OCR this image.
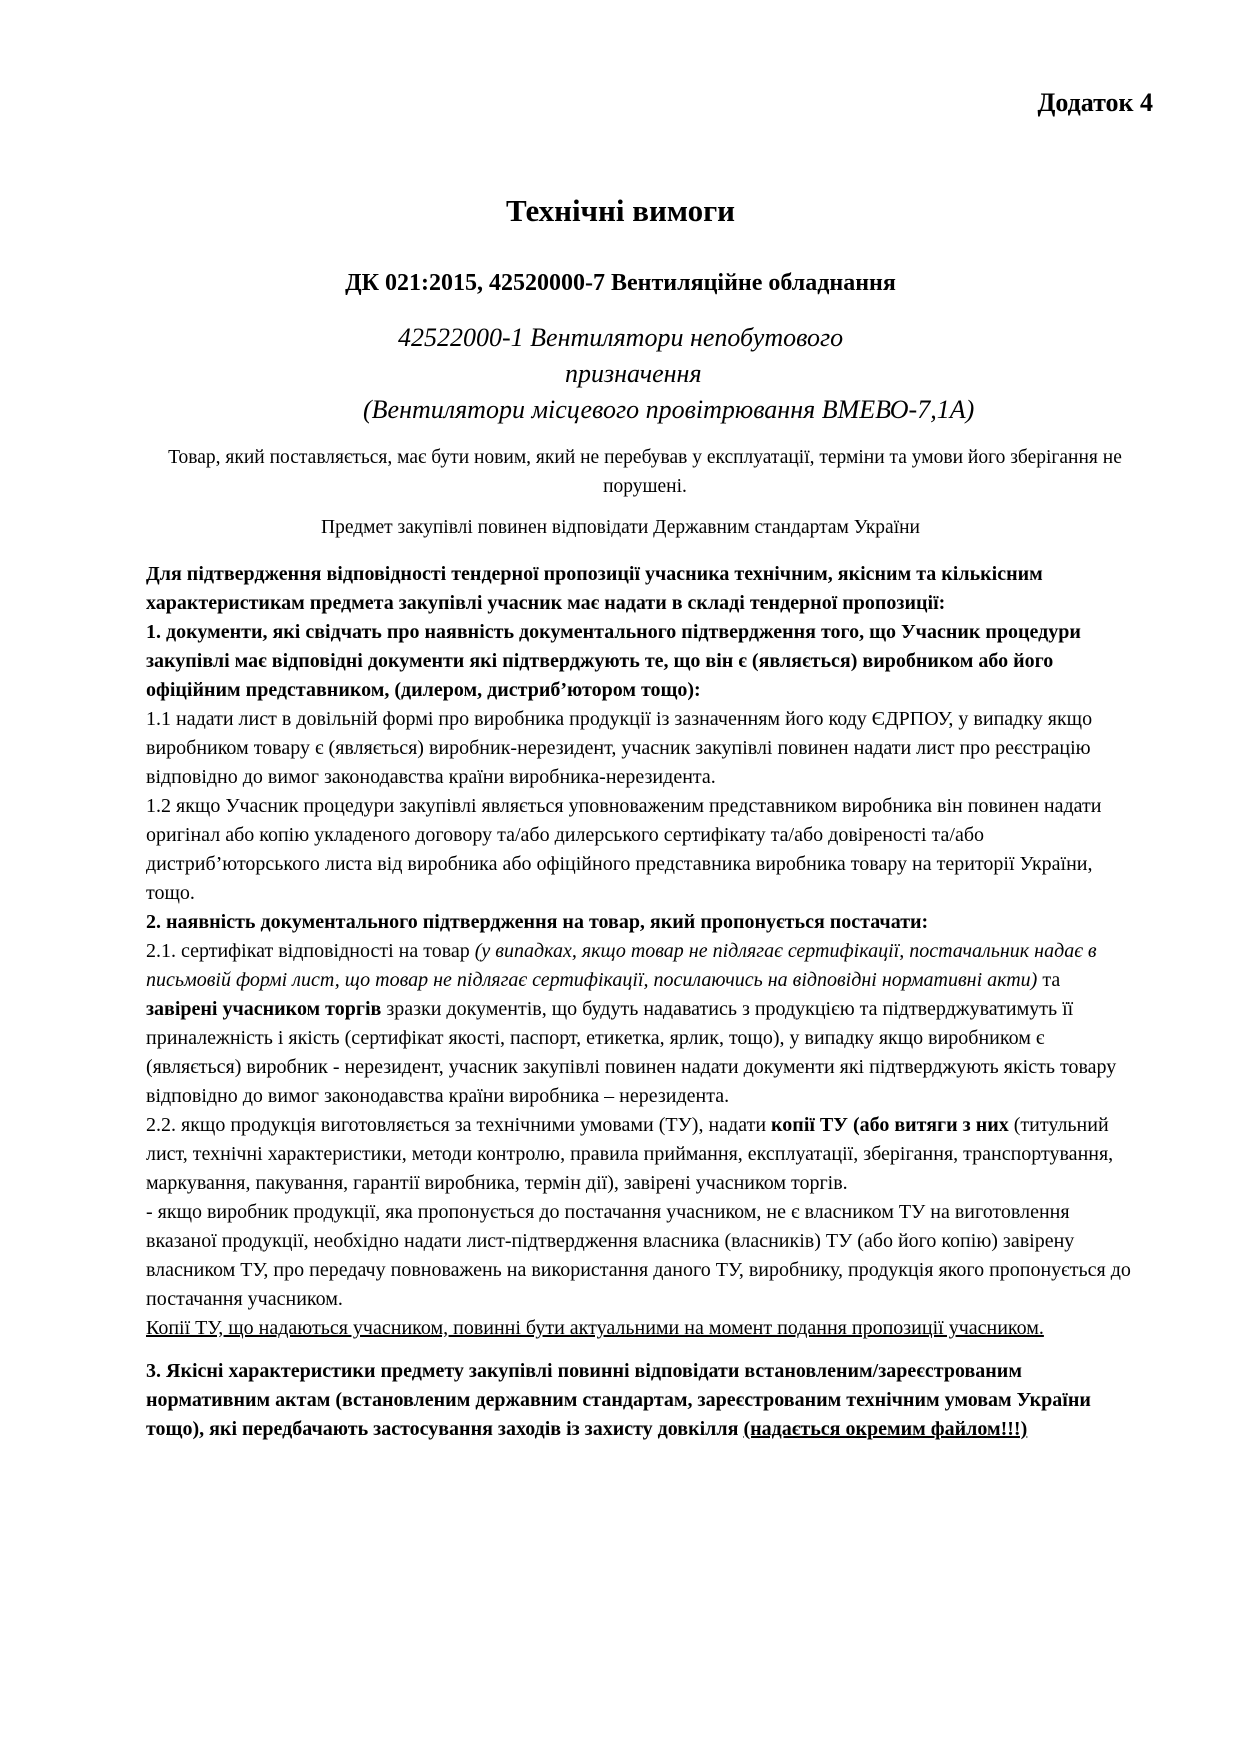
Додаток 4
Технічні вимоги
ДК 021:2015, 42520000-7 Вентиляційне обладнання
42522000-1 Вентилятори непобутового
призначення
(Вентилятори місцевого провітрювання ВМЕВО-7,1А)
Товар, який поставляється, має бути новим, який не перебував у експлуатації, терміни та умови його зберігання не порушені.
Предмет закупівлі повинен відповідати Державним стандартам України

Для підтвердження відповідності тендерної пропозиції учасника технічним, якісним та кількісним характеристикам предмета закупівлі учасник має надати в складі тендерної пропозиції:

1. документи, які свідчать про наявність документального підтвердження того, що Учасник процедури закупівлі має відповідні документи які підтверджують те, що він є (являється) виробником або його офіційним представником, (дилером, дистриб’ютором тощо):

1.1 надати лист в довільній формі про виробника продукції із зазначенням його коду ЄДРПОУ, у випадку якщо виробником товару є (являється) виробник-нерезидент, учасник закупівлі повинен надати лист про реєстрацію відповідно до вимог законодавства країни виробника-нерезидента.

1.2 якщо Учасник процедури закупівлі являється уповноваженим представником виробника він повинен надати оригінал або копію укладеного договору та/або дилерського сертифікату та/або довіреності та/або дистриб’юторського листа від виробника або офіційного представника виробника товару на території України, тощо.

2. наявність документального підтвердження на товар, який пропонується постачати:

2.1. сертифікат відповідності на товар (у випадках, якщо товар не підлягає сертифікації, постачальник надає в письмовій формі лист, що товар не підлягає сертифікації, посилаючись на відповідні нормативні акти) та завірені учасником торгів зразки документів, що будуть надаватись з продукцією та підтверджуватимуть її приналежність і якість (сертифікат якості, паспорт, етикетка, ярлик, тощо), у випадку якщо виробником є (являється) виробник - нерезидент, учасник закупівлі повинен надати документи які підтверджують якість товару відповідно до вимог законодавства країни виробника – нерезидента.

2.2. якщо продукція виготовляється за технічними умовами (ТУ), надати копії ТУ (або витяги з них (титульний лист, технічні характеристики, методи контролю, правила приймання, експлуатації, зберігання, транспортування, маркування, пакування, гарантії виробника, термін дії), завірені учасником торгів.

- якщо виробник продукції, яка пропонується до постачання учасником, не є власником ТУ на виготовлення вказаної продукції, необхідно надати лист-підтвердження власника (власників) ТУ (або його копію) завірену власником ТУ, про передачу повноважень на використання даного ТУ, виробнику, продукція якого пропонується до постачання учасником.

Копії ТУ, що надаються учасником, повинні бути актуальними на момент подання пропозиції учасником.

3. Якісні характеристики предмету закупівлі повинні відповідати встановленим/зареєстрованим нормативним актам (встановленим державним стандартам, зареєстрованим технічним умовам України тощо), які передбачають застосування заходів із захисту довкілля (надається окремим файлом!!!)
